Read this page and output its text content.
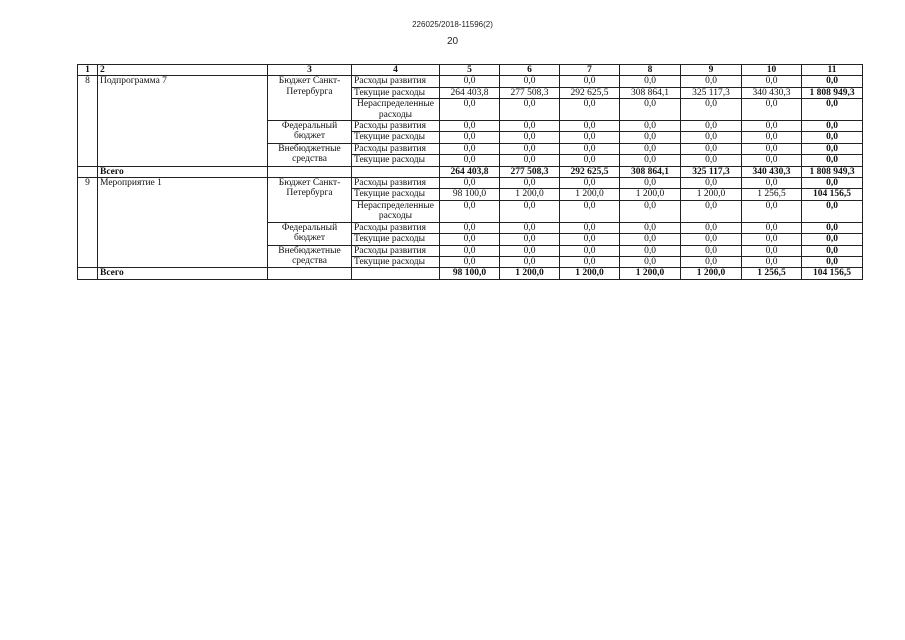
226025/2018-11596(2)
20
1	2	3	4	5	6	7	8	9	10	11
8	Подпрограмма 7	Бюджет Санкт-Петербурга	Расходы развития	0,0	0,0	0,0	0,0	0,0	0,0	0,0
			Текущие расходы	264 403,8	277 508,3	292 625,5	308 864,1	325 117,3	340 430,3	1 808 949,3
			Нераспределенные расходы	0,0	0,0	0,0	0,0	0,0	0,0	0,0
		Федеральный бюджет	Расходы развития	0,0	0,0	0,0	0,0	0,0	0,0	0,0
			Текущие расходы	0,0	0,0	0,0	0,0	0,0	0,0	0,0
		Внебюджетные средства	Расходы развития	0,0	0,0	0,0	0,0	0,0	0,0	0,0
			Текущие расходы	0,0	0,0	0,0	0,0	0,0	0,0	0,0
	Всего			264 403,8	277 508,3	292 625,5	308 864,1	325 117,3	340 430,3	1 808 949,3
9	Мероприятие 1	Бюджет Санкт-Петербурга	Расходы развития	0,0	0,0	0,0	0,0	0,0	0,0	0,0
			Текущие расходы	98 100,0	1 200,0	1 200,0	1 200,0	1 200,0	1 256,5	104 156,5
			Нераспределенные расходы	0,0	0,0	0,0	0,0	0,0	0,0	0,0
		Федеральный бюджет	Расходы развития	0,0	0,0	0,0	0,0	0,0	0,0	0,0
			Текущие расходы	0,0	0,0	0,0	0,0	0,0	0,0	0,0
		Внебюджетные средства	Расходы развития	0,0	0,0	0,0	0,0	0,0	0,0	0,0
			Текущие расходы	0,0	0,0	0,0	0,0	0,0	0,0	0,0
	Всего			98 100,0	1 200,0	1 200,0	1 200,0	1 200,0	1 256,5	104 156,5
